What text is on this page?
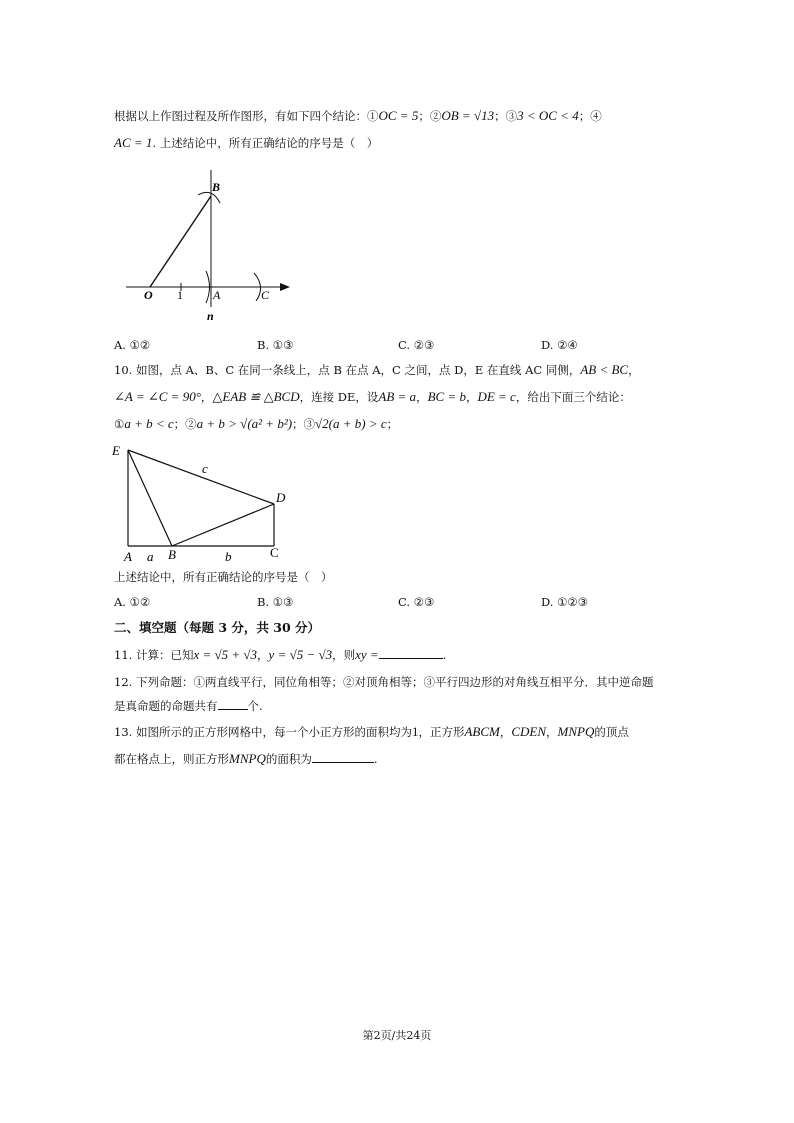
根据以上作图过程及所作图形，有如下四个结论：①OC = 5；②OB = √13；③3 < OC < 4；④
AC = 1. 上述结论中，所有正确结论的序号是（　）
B
O 1	A	C
n
A. ①②	B. ①③	C. ②③	D. ②④
10. 如图，点 A、B、C 在同一条线上，点 B 在点 A，C 之间，点 D，E 在直线 AC 同侧，AB < BC，
∠A = ∠C = 90°，△EAB ≌ △BCD，连接 DE，设AB = a，BC = b，DE = c，给出下面三个结论：
①a + b < c；②a + b > √(a² + b²)；③√2(a + b) > c；
E
c
D
A a B	b	C
上述结论中，所有正确结论的序号是（　）
A. ①②	B. ①③	C. ②③	D. ①②③
二、填空题（每题 3 分，共 30 分）
11. 计算：已知x = √5 + √3，y = √5 − √3，则xy =	.
12. 下列命题：①两直线平行，同位角相等；②对顶角相等；③平行四边形的对角线互相平分．其中逆命题
是真命题的命题共有	个.
13. 如图所示的正方形网格中，每一个小正方形的面积均为1，正方形ABCM，CDEN，MNPQ的顶点
都在格点上，则正方形MNPQ的面积为	.
第2页/共24页
